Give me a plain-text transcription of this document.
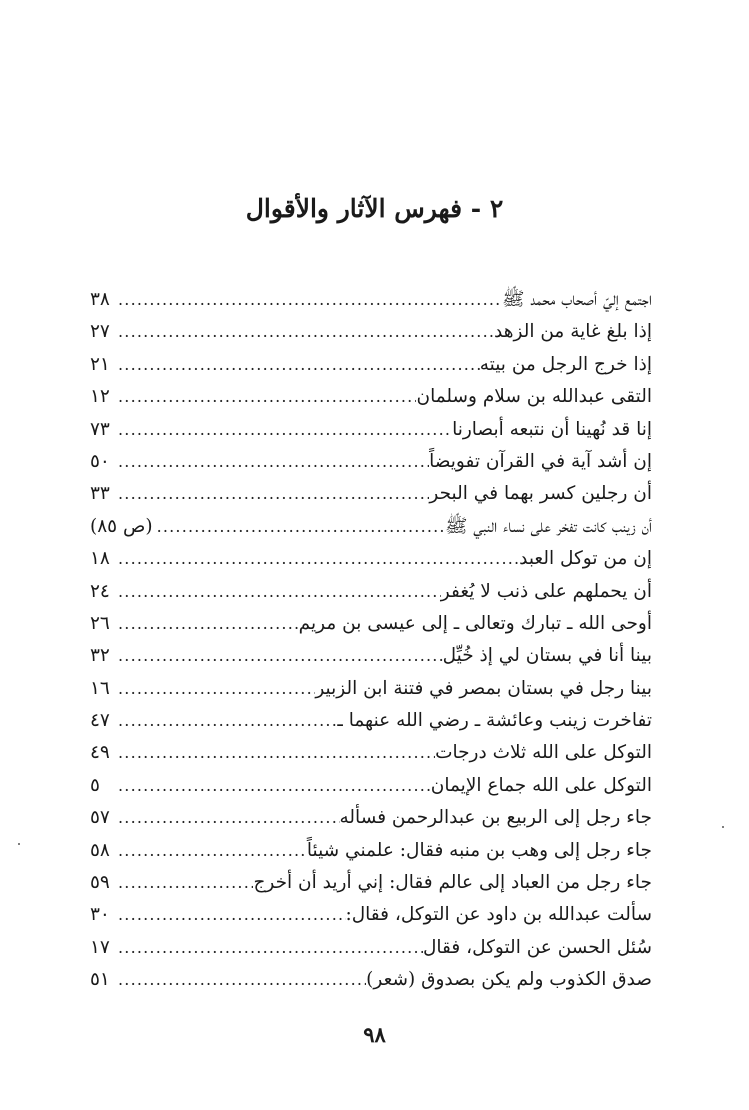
٢ - فهرس الآثار والأقوال
اجتمع إليّ أصحاب محمد ﷺ
.....
٣٨
إذا بلغ غاية من الزهد
.....
٢٧
إذا خرج الرجل من بيته
.....
٢١
التقى عبدالله بن سلام وسلمان
.....
١٢
إنا قد نُهينا أن نتبعه أبصارنا
.....
٧٣
إن أشد آية في القرآن تفويضاً
.....
٥٠
أن رجلين كسر بهما في البحر
.....
٣٣
أن زينب كانت تفخر على نساء النبي ﷺ
.....
(ص ٨٥)
إن من توكل العبد
.....
١٨
أن يحملهم على ذنب لا يُغفر
.....
٢٤
أوحى الله ـ تبارك وتعالى ـ إلى عيسى بن مريم
.....
٢٦
بينا أنا في بستان لي إذ خُيِّل
.....
٣٢
بينا رجل في بستان بمصر في فتنة ابن الزبير
.....
١٦
تفاخرت زينب وعائشة ـ رضي الله عنهما ـ
.....
٤٧
التوكل على الله ثلاث درجات
.....
٤٩
التوكل على الله جماع الإيمان
.....
٥
جاء رجل إلى الربيع بن عبدالرحمن فسأله
.....
٥٧
جاء رجل إلى وهب بن منبه فقال: علمني شيئاً
.....
٥٨
جاء رجل من العباد إلى عالم فقال: إني أريد أن أخرج
.....
٥٩
سألت عبدالله بن داود عن التوكل، فقال:
.....
٣٠
سُئل الحسن عن التوكل، فقال
.....
١٧
صدق الكذوب ولم يكن بصدوق (شعر)
.....
٥١
٩٨
